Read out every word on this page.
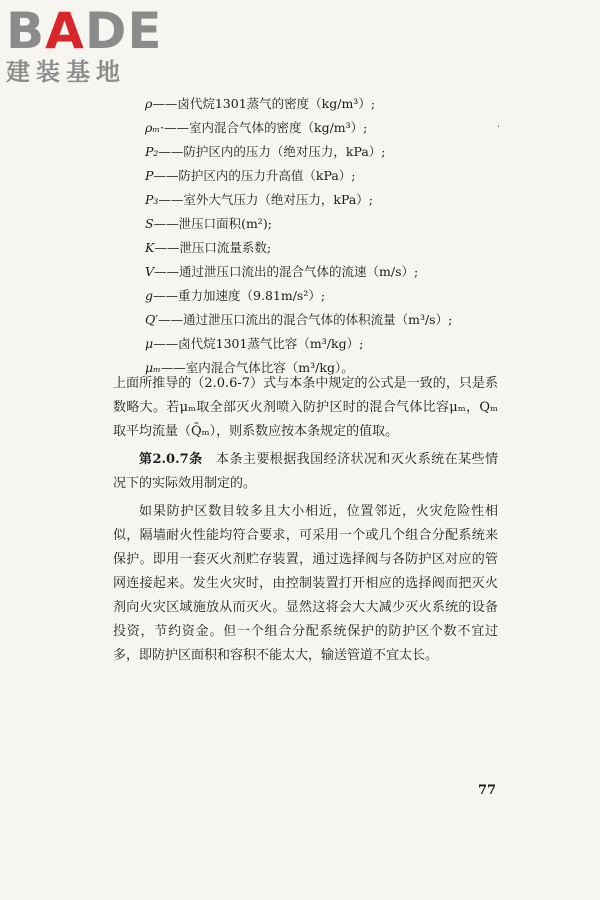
BADE
建装基地
·
ρ——卤代烷1301蒸气的密度（kg/m³）;
ρₘ·——室内混合气体的密度（kg/m³）;
P₂——防护区内的压力（绝对压力，kPa）;
P——防护区内的压力升高值（kPa）;
P₃——室外大气压力（绝对压力，kPa）;
S——泄压口面积(m²);
K——泄压口流量系数;
V——通过泄压口流出的混合气体的流速（m/s）;
g——重力加速度（9.81m/s²）;
Q′——通过泄压口流出的混合气体的体积流量（m³/s）;
μ——卤代烷1301蒸气比容（m³/kg）;
μₘ——室内混合气体比容（m³/kg）。
上面所推导的（2.0.6-7）式与本条中规定的公式是一致的，只是系数略大。若μₘ取全部灭火剂喷入防护区时的混合气体比容μₘ，Qₘ取平均流量（Q̄ₘ），则系数应按本条规定的值取。
第2.0.7条　 本条主要根据我国经济状况和灭火系统在某些情况下的实际效用制定的。
如果防护区数目较多且大小相近，位置邻近，火灾危险性相似，隔墙耐火性能均符合要求，可采用一个或几个组合分配系统来保护。即用一套灭火剂贮存装置，通过选择阀与各防护区对应的管网连接起来。发生火灾时，由控制装置打开相应的选择阀而把灭火剂向火灾区域施放从而灭火。显然这将会大大减少灭火系统的设备投资，节约资金。但一个组合分配系统保护的防护区个数不宜过多，即防护区面积和容积不能太大，输送管道不宜太长。
77
